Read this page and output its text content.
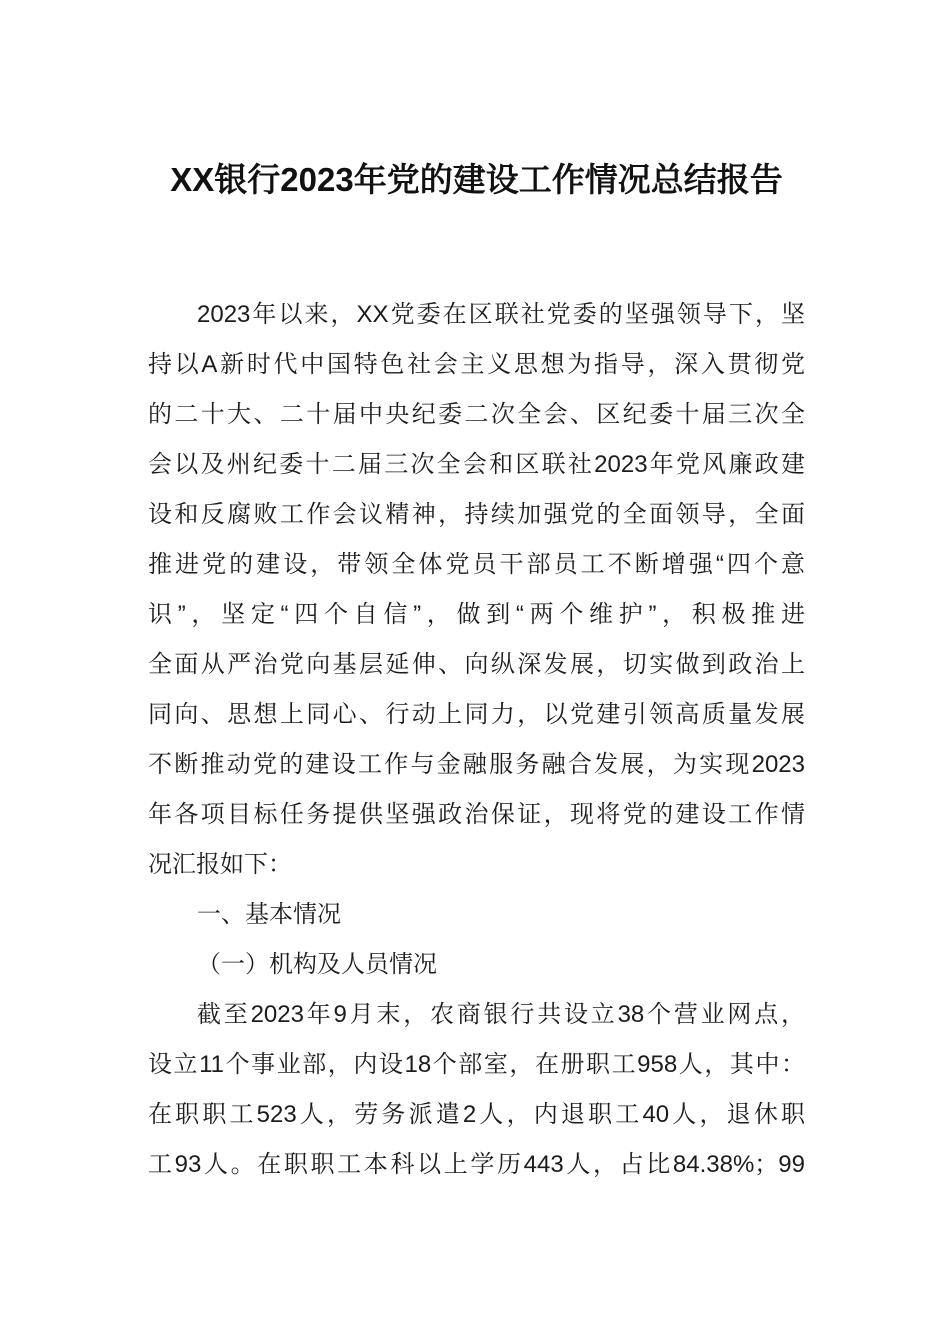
XX银行2023年党的建设工作情况总结报告
2023年以来，XX党委在区联社党委的坚强领导下，坚
持以A新时代中国特色社会主义思想为指导，深入贯彻党
的二十大、二十届中央纪委二次全会、区纪委十届三次全
会以及州纪委十二届三次全会和区联社2023年党风廉政建
设和反腐败工作会议精神，持续加强党的全面领导，全面
推进党的建设，带领全体党员干部员工不断增强“四个意
识”，坚定“四个自信”，做到“两个维护”，积极推进
全面从严治党向基层延伸、向纵深发展，切实做到政治上
同向、思想上同心、行动上同力，以党建引领高质量发展
不断推动党的建设工作与金融服务融合发展，为实现2023
年各项目标任务提供坚强政治保证，现将党的建设工作情
况汇报如下：
一、基本情况
（一）机构及人员情况
截至2023年9月末，农商银行共设立38个营业网点，
设立11个事业部，内设18个部室，在册职工958人，其中：
在职职工523人，劳务派遣2人，内退职工40人，退休职
工93人。在职职工本科以上学历443人，占比84.38%；99
